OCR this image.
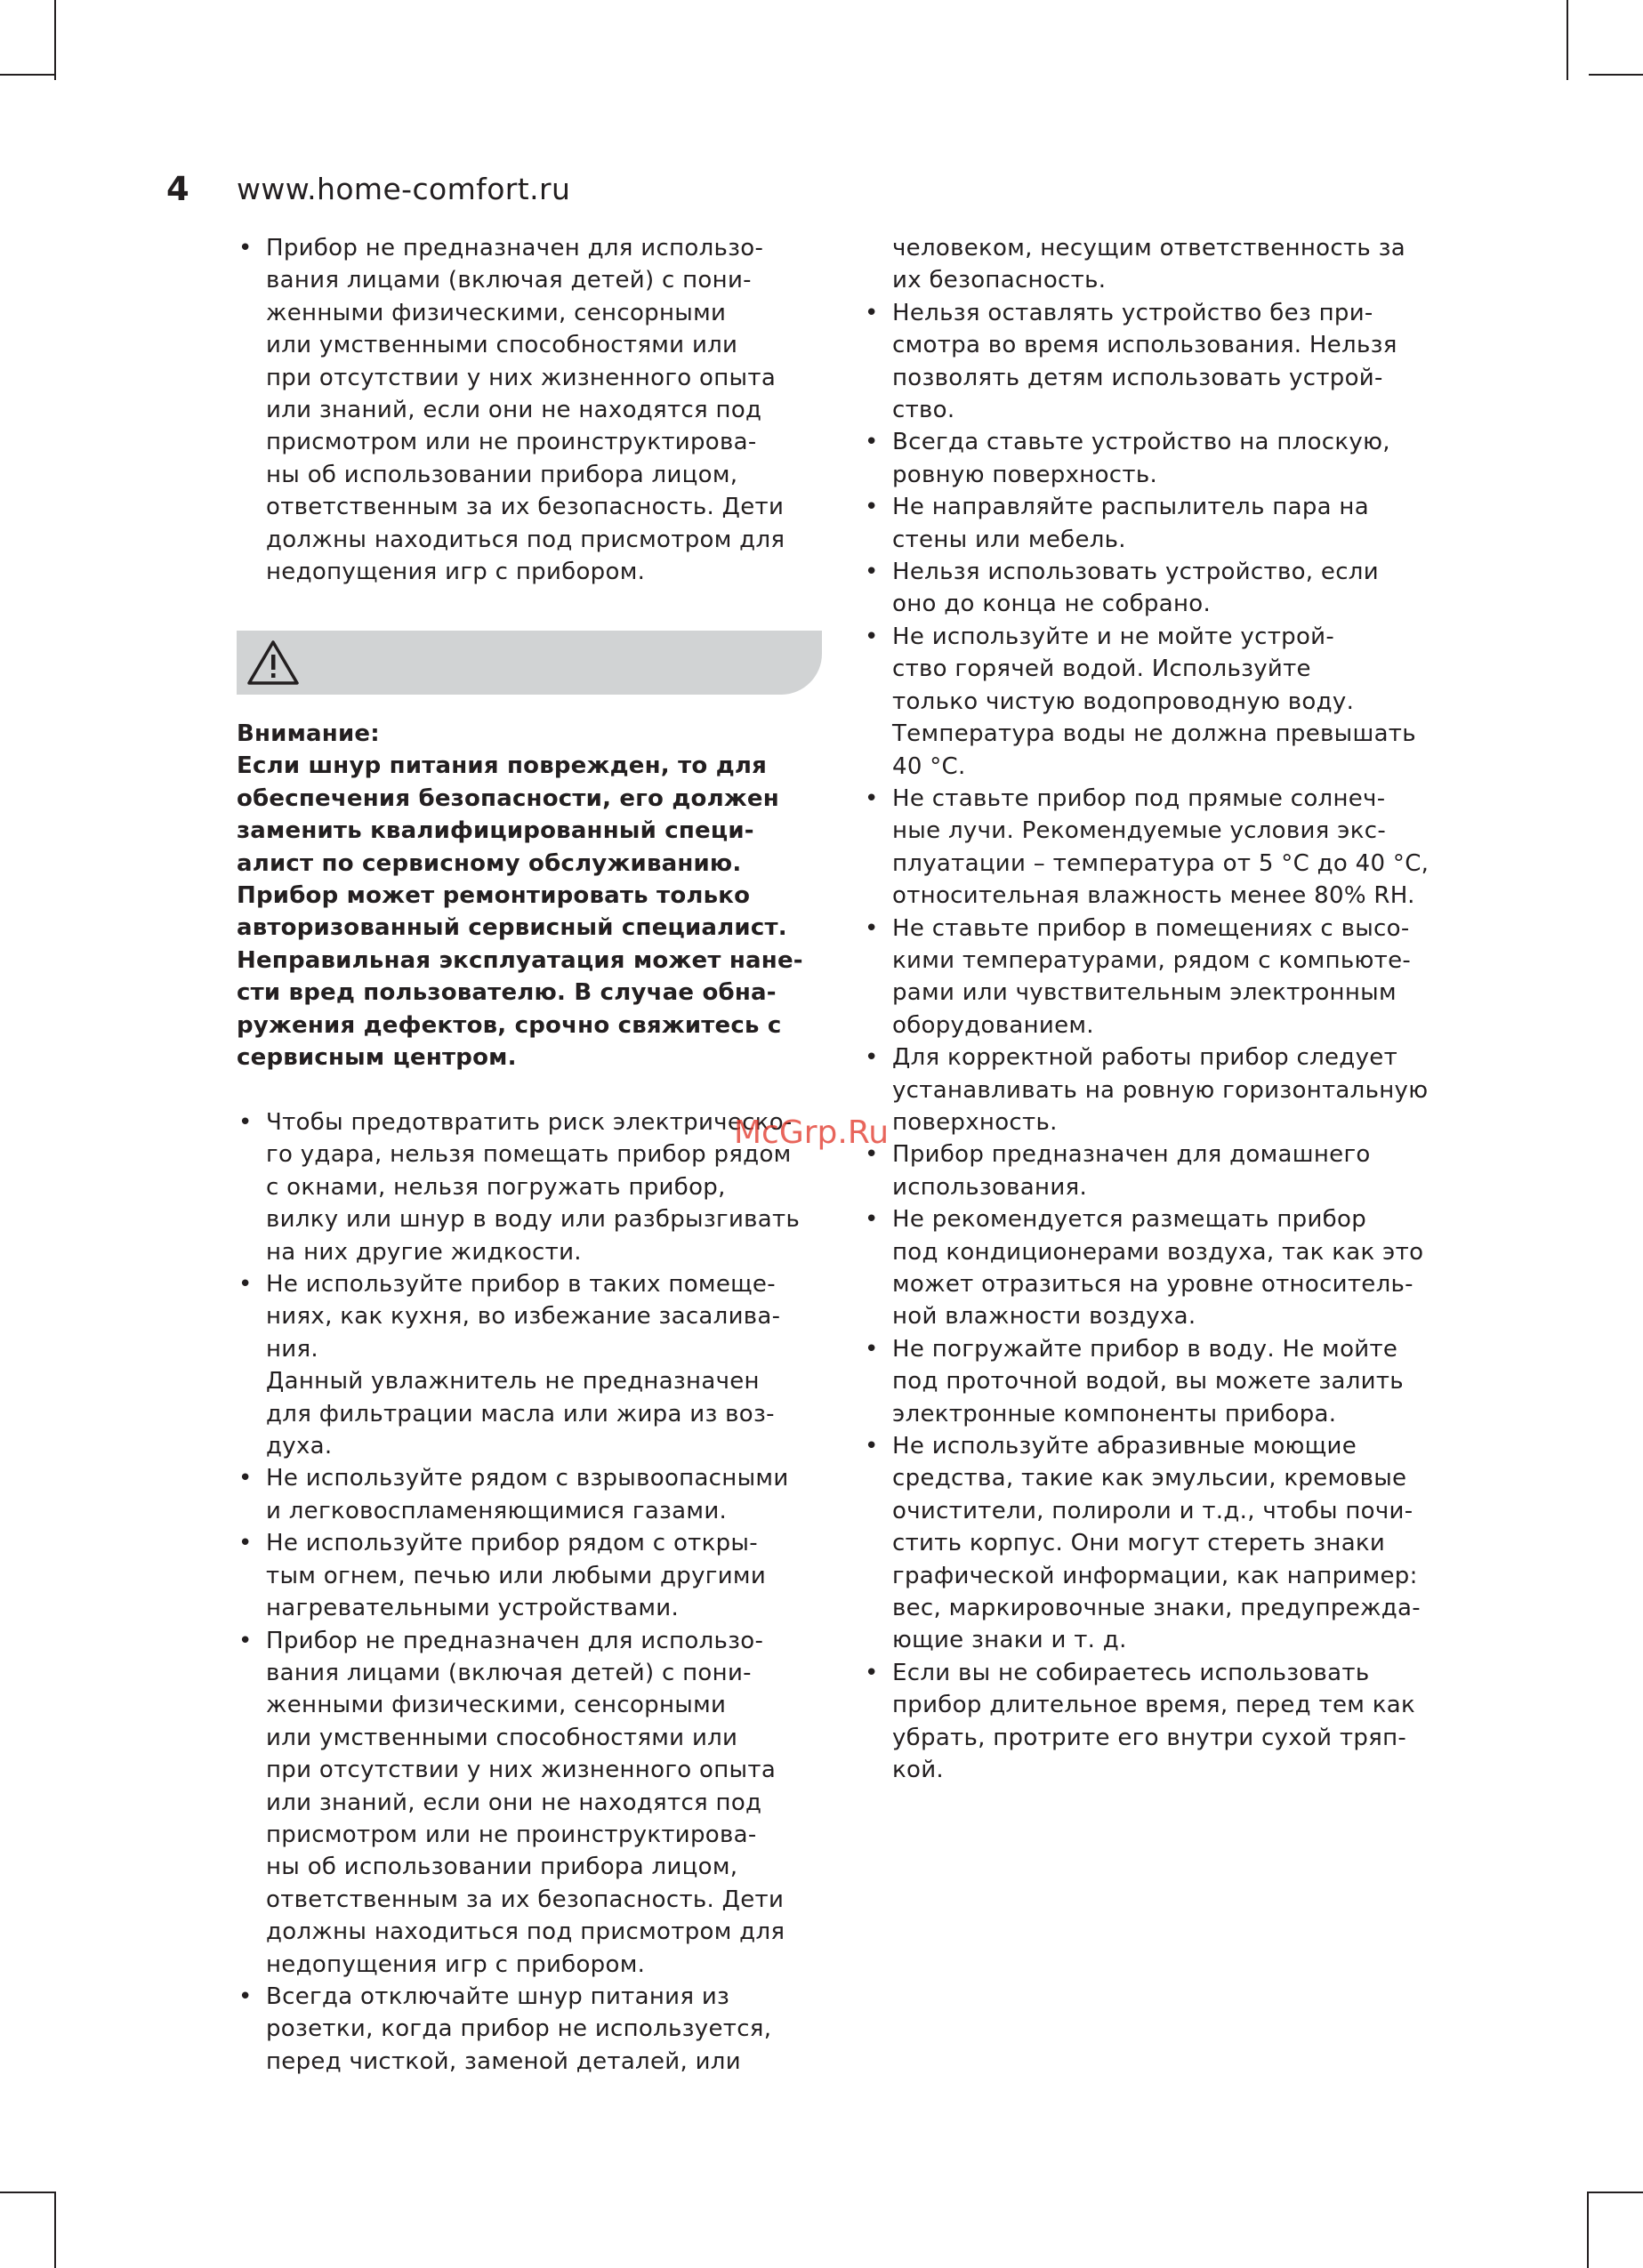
4 www.home-comfort.ru
• Прибор не предназначен для использо-
вания лицами (включая детей) с пони-
женными физическими, сенсорными
или умственными способностями или
при отсутствии у них жизненного опыта
или знаний, если они не находятся под
присмотром или не проинструктирова-
ны об использовании прибора лицом,
ответственным за их безопасность. Дети
должны находиться под присмотром для
недопущения игр с прибором.
Внимание:
Если шнур питания поврежден, то для
обеспечения безопасности, его должен
заменить квалифицированный специ-
алист по сервисному обслуживанию.
Прибор может ремонтировать только
авторизованный сервисный специалист.
Неправильная эксплуатация может нане-
сти вред пользователю. В случае обна-
ружения дефектов, срочно свяжитесь с
сервисным центром.
• Чтобы предотвратить риск электрическо-
го удара, нельзя помещать прибор рядом
с окнами, нельзя погружать прибор,
вилку или шнур в воду или разбрызгивать
на них другие жидкости.
• Не используйте прибор в таких помеще-
ниях, как кухня, во избежание засалива-
ния.
Данный увлажнитель не предназначен
для фильтрации масла или жира из воз-
духа.
• Не используйте рядом с взрывоопасными
и легковоспламеняющимися газами.
• Не используйте прибор рядом с откры-
тым огнем, печью или любыми другими
нагревательными устройствами.
• Прибор не предназначен для использо-
вания лицами (включая детей) с пони-
женными физическими, сенсорными
или умственными способностями или
при отсутствии у них жизненного опыта
или знаний, если они не находятся под
присмотром или не проинструктирова-
ны об использовании прибора лицом,
ответственным за их безопасность. Дети
должны находиться под присмотром для
недопущения игр с прибором.
• Всегда отключайте шнур питания из
розетки, когда прибор не используется,
перед чисткой, заменой деталей, или
человеком, несущим ответственность за
их безопасность.
• Нельзя оставлять устройство без при-
смотра во время использования. Нельзя
позволять детям использовать устрой-
ство.
• Всегда ставьте устройство на плоскую,
ровную поверхность.
• Не направляйте распылитель пара на
стены или мебель.
• Нельзя использовать устройство, если
оно до конца не собрано.
• Не используйте и не мойте устрой-
ство горячей водой. Используйте
только чистую водопроводную воду.
Температура воды не должна превышать
40 °С.
• Не ставьте прибор под прямые солнеч-
ные лучи. Рекомендуемые условия экс-
плуатации – температура от 5 °С до 40 °С,
относительная влажность менее 80% RH.
• Не ставьте прибор в помещениях с высо-
кими температурами, рядом с компьюте-
рами или чувствительным электронным
оборудованием.
• Для корректной работы прибор следует
устанавливать на ровную горизонтальную
поверхность.
• Прибор предназначен для домашнего
использования.
• Не рекомендуется размещать прибор
под кондиционерами воздуха, так как это
может отразиться на уровне относитель-
ной влажности воздуха.
• Не погружайте прибор в воду. Не мойте
под проточной водой, вы можете залить
электронные компоненты прибора.
• Не используйте абразивные моющие
средства, такие как эмульсии, кремовые
очистители, полироли и т.д., чтобы почи-
стить корпус. Они могут стереть знаки
графической информации, как например:
вес, маркировочные знаки, предупрежда-
ющие знаки и т. д.
• Если вы не собираетесь использовать
прибор длительное время, перед тем как
убрать, протрите его внутри сухой тряп-
кой.
McGrp.Ru
